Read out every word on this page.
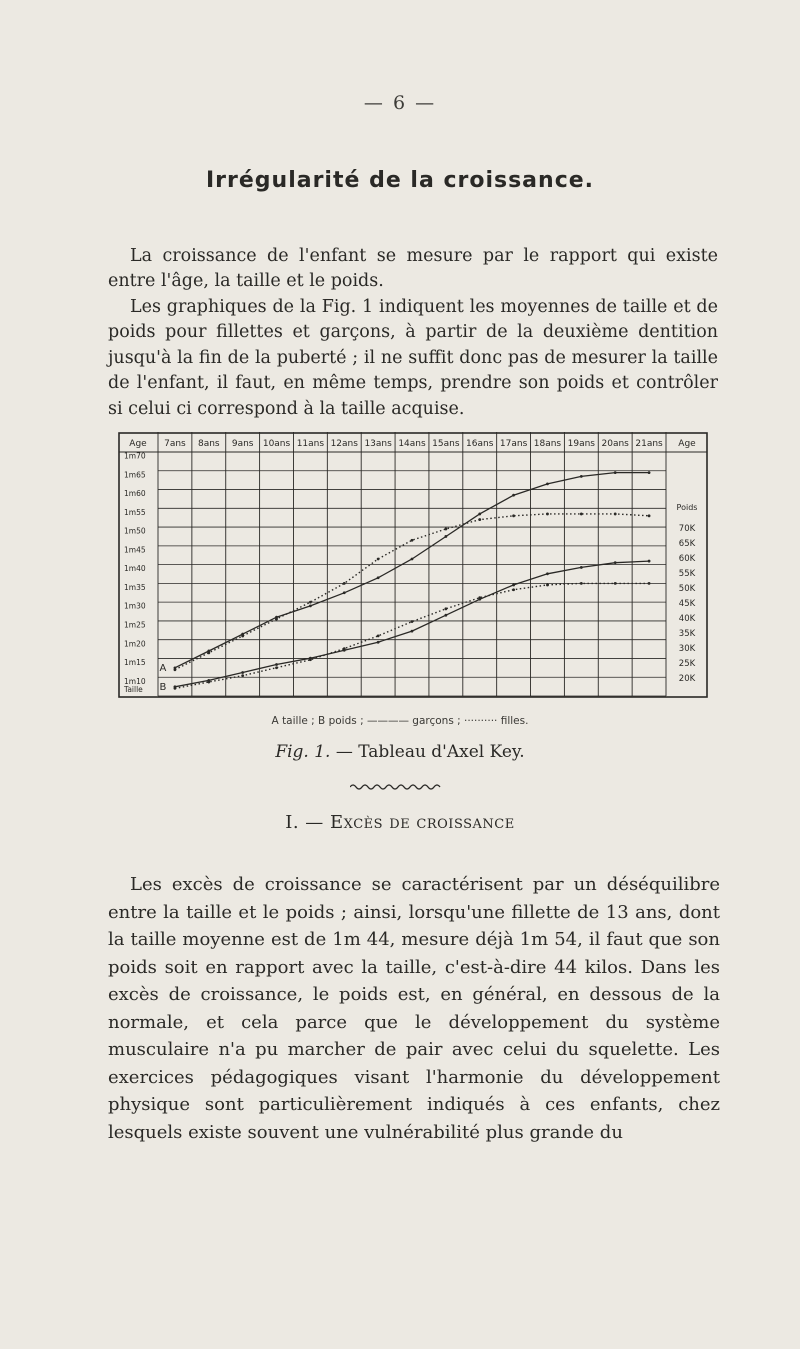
— 6 —
Irrégularité de la croissance.

La croissance de l'enfant se mesure par le rapport qui existe entre l'âge, la taille et le poids.

Les graphiques de la Fig. 1 indiquent les moyennes de taille et de poids pour fillettes et garçons, à partir de la deuxième dentition jusqu'à la fin de la puberté ; il ne suffit donc pas de mesurer la taille de l'enfant, il faut, en même temps, prendre son poids et contrôler si celui ci correspond à la taille acquise.

Age	Age
7ans 8ans 9ans 10ans 11ans 12ans 13ans 14ans 15ans 16ans 17ans 18ans 19ans 20ans 21ans
1m70
1m65
1m60
1m55
1m50
1m45
1m40
1m35
1m30
1m25
1m20
1m15
1m10
Taille
Poids
70K
65K
60K
55K
50K
45K
40K
35K
30K
25K
20K
A
B
A taille ; B poids ; ———— garçons ; ·········· filles.
Fig. 1. — Tableau d'Axel Key.
I. — Excès de croissance

Les excès de croissance se caractérisent par un déséquilibre entre la taille et le poids ; ainsi, lorsqu'une fillette de 13 ans, dont la taille moyenne est de 1m 44, mesure déjà 1m 54, il faut que son poids soit en rapport avec la taille, c'est-à-dire 44 kilos. Dans les excès de croissance, le poids est, en général, en dessous de la normale, et cela parce que le développement du système musculaire n'a pu marcher de pair avec celui du squelette. Les exercices pédagogiques visant l'harmonie du développement physique sont particulièrement indiqués à ces enfants, chez lesquels existe souvent une vulnérabilité plus grande du
